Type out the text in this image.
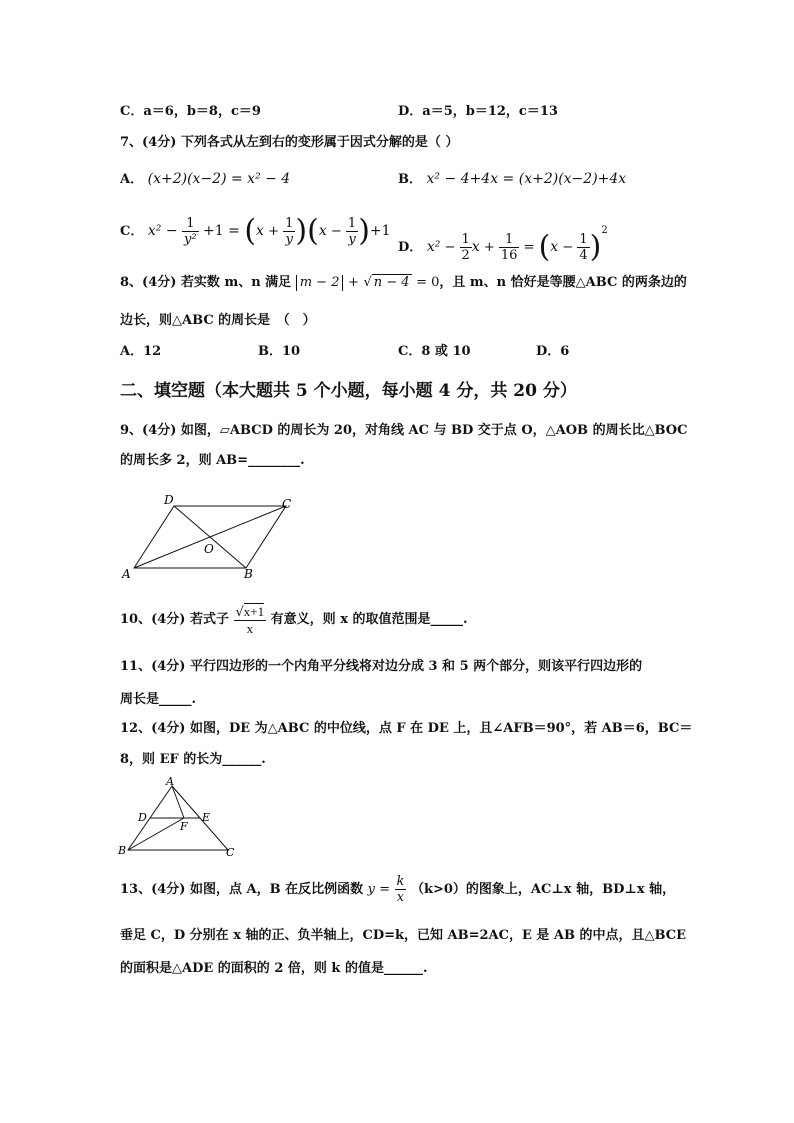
C．a＝6，b＝8，c＝9	D．a＝5，b＝12，c＝13
7、(4分) 下列各式从左到右的变形属于因式分解的是（ ）
A． (x+2)(x−2) = x² − 4	B． x² − 4+4x = (x+2)(x−2)+4x
C． $x^2 - \frac{1}{\text{y²}} +1 = (x + \frac{1}{y} )(x - \frac{1}{y} )+1$
D． $x^2 - \frac{1}{2}$ $x + \frac{1}{16} = (x - \frac{1}{4} )^2$
8、(4分) 若实数 m、n 满足 m − 2 + √ n − 4 = 0，且 m、n 恰好是等腰△ABC 的两条边的
边长，则△ABC 的周长是　（　）
A．12	B．10	C．8 或 10	D．6
二、填空题（本大题共 5 个小题，每小题 4 分，共 20 分）
9、(4分) 如图，▱ABCD 的周长为 20，对角线 AC 与 BD 交于点 O，△AOB 的周长比△BOC
的周长多 2，则 AB=________.
D	C
O
A	B
10、(4分) 若式子 $\frac{√x+1}{x}$ 有意义，则 x 的取值范围是_____.
11、(4分) 平行四边形的一个内角平分线将对边分成 3 和 5 两个部分，则该平行四边形的
周长是_____.
12、(4分) 如图，DE 为△ABC 的中位线，点 F 在 DE 上，且∠AFB＝90°，若 AB＝6，BC＝
8，则 EF 的长为______.
A
D	E
F
B	C
13、(4分) 如图，点 A，B 在反比例函数 $y = \frac{k}{x} (k>0)$的图象上，AC⊥x 轴，BD⊥x 轴，
垂足 C，D 分别在 x 轴的正、负半轴上，CD=k，已知 AB=2AC，E 是 AB 的中点，且△BCE
的面积是△ADE 的面积的 2 倍，则 k 的值是______.
